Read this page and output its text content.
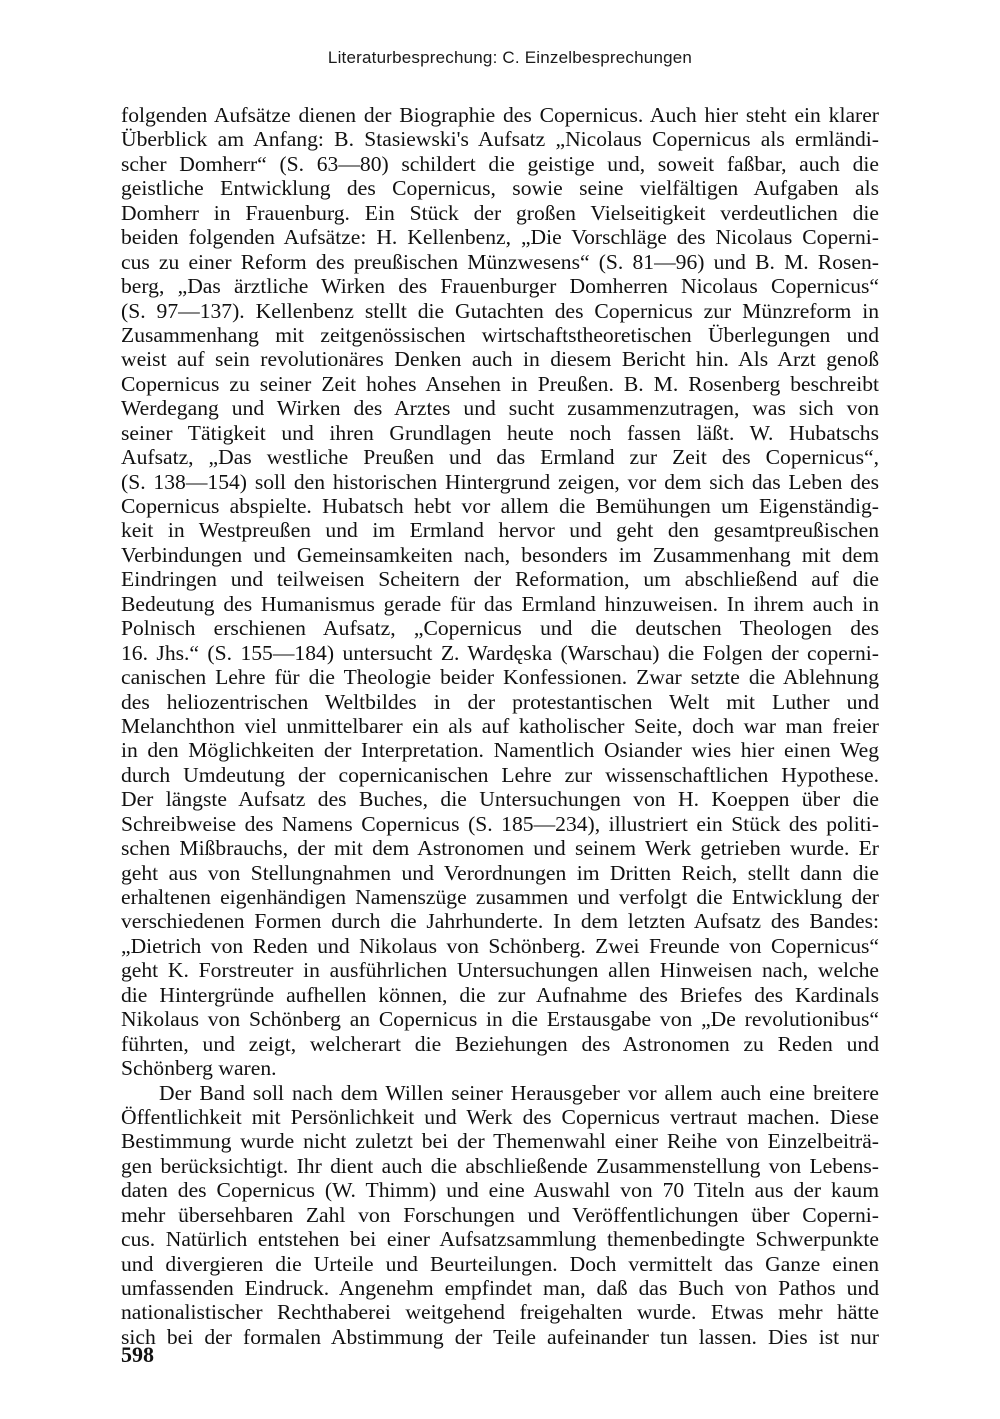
Literaturbesprechung: C. Einzelbesprechungen
folgenden Aufsätze dienen der Biographie des Copernicus. Auch hier steht ein klarer
Überblick am Anfang: B. Stasiewski's Aufsatz „Nicolaus Copernicus als ermländi-
scher Domherr“ (S. 63—80) schildert die geistige und, soweit faßbar, auch die
geistliche Entwicklung des Copernicus, sowie seine vielfältigen Aufgaben als
Domherr in Frauenburg. Ein Stück der großen Vielseitigkeit verdeutlichen die
beiden folgenden Aufsätze: H. Kellenbenz, „Die Vorschläge des Nicolaus Coperni-
cus zu einer Reform des preußischen Münzwesens“ (S. 81—96) und B. M. Rosen-
berg, „Das ärztliche Wirken des Frauenburger Domherren Nicolaus Copernicus“
(S. 97—137). Kellenbenz stellt die Gutachten des Copernicus zur Münzreform in
Zusammenhang mit zeitgenössischen wirtschaftstheoretischen Überlegungen und
weist auf sein revolutionäres Denken auch in diesem Bericht hin. Als Arzt genoß
Copernicus zu seiner Zeit hohes Ansehen in Preußen. B. M. Rosenberg beschreibt
Werdegang und Wirken des Arztes und sucht zusammenzutragen, was sich von
seiner Tätigkeit und ihren Grundlagen heute noch fassen läßt. W. Hubatschs
Aufsatz, „Das westliche Preußen und das Ermland zur Zeit des Copernicus“,
(S. 138—154) soll den historischen Hintergrund zeigen, vor dem sich das Leben des
Copernicus abspielte. Hubatsch hebt vor allem die Bemühungen um Eigenständig-
keit in Westpreußen und im Ermland hervor und geht den gesamtpreußischen
Verbindungen und Gemeinsamkeiten nach, besonders im Zusammenhang mit dem
Eindringen und teilweisen Scheitern der Reformation, um abschließend auf die
Bedeutung des Humanismus gerade für das Ermland hinzuweisen. In ihrem auch in
Polnisch erschienen Aufsatz, „Copernicus und die deutschen Theologen des
16. Jhs.“ (S. 155—184) untersucht Z. Wardęska (Warschau) die Folgen der coperni-
canischen Lehre für die Theologie beider Konfessionen. Zwar setzte die Ablehnung
des heliozentrischen Weltbildes in der protestantischen Welt mit Luther und
Melanchthon viel unmittelbarer ein als auf katholischer Seite, doch war man freier
in den Möglichkeiten der Interpretation. Namentlich Osiander wies hier einen Weg
durch Umdeutung der copernicanischen Lehre zur wissenschaftlichen Hypothese.
Der längste Aufsatz des Buches, die Untersuchungen von H. Koeppen über die
Schreibweise des Namens Copernicus (S. 185—234), illustriert ein Stück des politi-
schen Mißbrauchs, der mit dem Astronomen und seinem Werk getrieben wurde. Er
geht aus von Stellungnahmen und Verordnungen im Dritten Reich, stellt dann die
erhaltenen eigenhändigen Namenszüge zusammen und verfolgt die Entwicklung der
verschiedenen Formen durch die Jahrhunderte. In dem letzten Aufsatz des Bandes:
„Dietrich von Reden und Nikolaus von Schönberg. Zwei Freunde von Copernicus“
geht K. Forstreuter in ausführlichen Untersuchungen allen Hinweisen nach, welche
die Hintergründe aufhellen können, die zur Aufnahme des Briefes des Kardinals
Nikolaus von Schönberg an Copernicus in die Erstausgabe von „De revolutionibus“
führten, und zeigt, welcherart die Beziehungen des Astronomen zu Reden und
Schönberg waren.
Der Band soll nach dem Willen seiner Herausgeber vor allem auch eine breitere
Öffentlichkeit mit Persönlichkeit und Werk des Copernicus vertraut machen. Diese
Bestimmung wurde nicht zuletzt bei der Themenwahl einer Reihe von Einzelbeiträ-
gen berücksichtigt. Ihr dient auch die abschließende Zusammenstellung von Lebens-
daten des Copernicus (W. Thimm) und eine Auswahl von 70 Titeln aus der kaum
mehr übersehbaren Zahl von Forschungen und Veröffentlichungen über Coperni-
cus. Natürlich entstehen bei einer Aufsatzsammlung themenbedingte Schwerpunkte
und divergieren die Urteile und Beurteilungen. Doch vermittelt das Ganze einen
umfassenden Eindruck. Angenehm empfindet man, daß das Buch von Pathos und
nationalistischer Rechthaberei weitgehend freigehalten wurde. Etwas mehr hätte
sich bei der formalen Abstimmung der Teile aufeinander tun lassen. Dies ist nur
598
